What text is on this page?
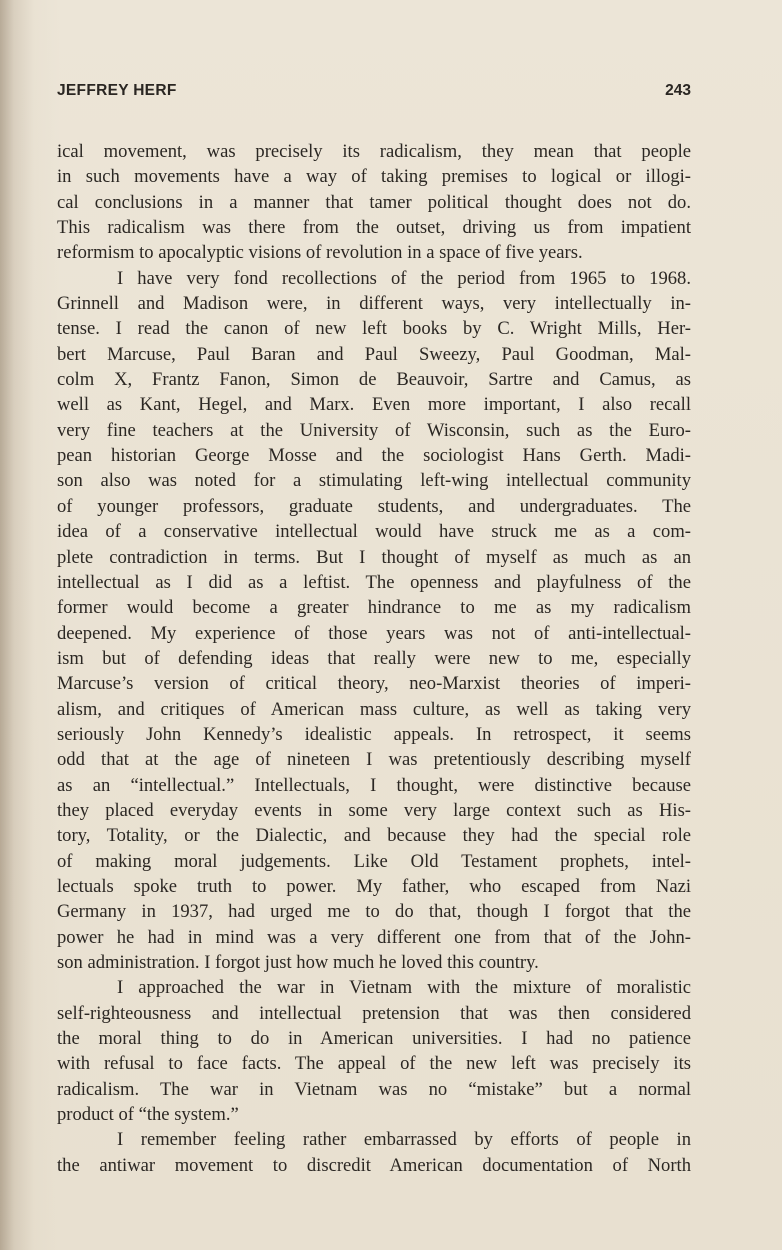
JEFFREY HERF	243
ical movement, was precisely its radicalism, they mean that people
in such movements have a way of taking premises to logical or illogi-
cal conclusions in a manner that tamer political thought does not do.
This radicalism was there from the outset, driving us from impatient
reformism to apocalyptic visions of revolution in a space of five years.
I have very fond recollections of the period from 1965 to 1968.
Grinnell and Madison were, in different ways, very intellectually in-
tense. I read the canon of new left books by C. Wright Mills, Her-
bert Marcuse, Paul Baran and Paul Sweezy, Paul Goodman, Mal-
colm X, Frantz Fanon, Simon de Beauvoir, Sartre and Camus, as
well as Kant, Hegel, and Marx. Even more important, I also recall
very fine teachers at the University of Wisconsin, such as the Euro-
pean historian George Mosse and the sociologist Hans Gerth. Madi-
son also was noted for a stimulating left-wing intellectual community
of younger professors, graduate students, and undergraduates. The
idea of a conservative intellectual would have struck me as a com-
plete contradiction in terms. But I thought of myself as much as an
intellectual as I did as a leftist. The openness and playfulness of the
former would become a greater hindrance to me as my radicalism
deepened. My experience of those years was not of anti-intellectual-
ism but of defending ideas that really were new to me, especially
Marcuse’s version of critical theory, neo-Marxist theories of imperi-
alism, and critiques of American mass culture, as well as taking very
seriously John Kennedy’s idealistic appeals. In retrospect, it seems
odd that at the age of nineteen I was pretentiously describing myself
as an “intellectual.” Intellectuals, I thought, were distinctive because
they placed everyday events in some very large context such as His-
tory, Totality, or the Dialectic, and because they had the special role
of making moral judgements. Like Old Testament prophets, intel-
lectuals spoke truth to power. My father, who escaped from Nazi
Germany in 1937, had urged me to do that, though I forgot that the
power he had in mind was a very different one from that of the John-
son administration. I forgot just how much he loved this country.
I approached the war in Vietnam with the mixture of moralistic
self-righteousness and intellectual pretension that was then considered
the moral thing to do in American universities. I had no patience
with refusal to face facts. The appeal of the new left was precisely its
radicalism. The war in Vietnam was no “mistake” but a normal
product of “the system.”
I remember feeling rather embarrassed by efforts of people in
the antiwar movement to discredit American documentation of North
